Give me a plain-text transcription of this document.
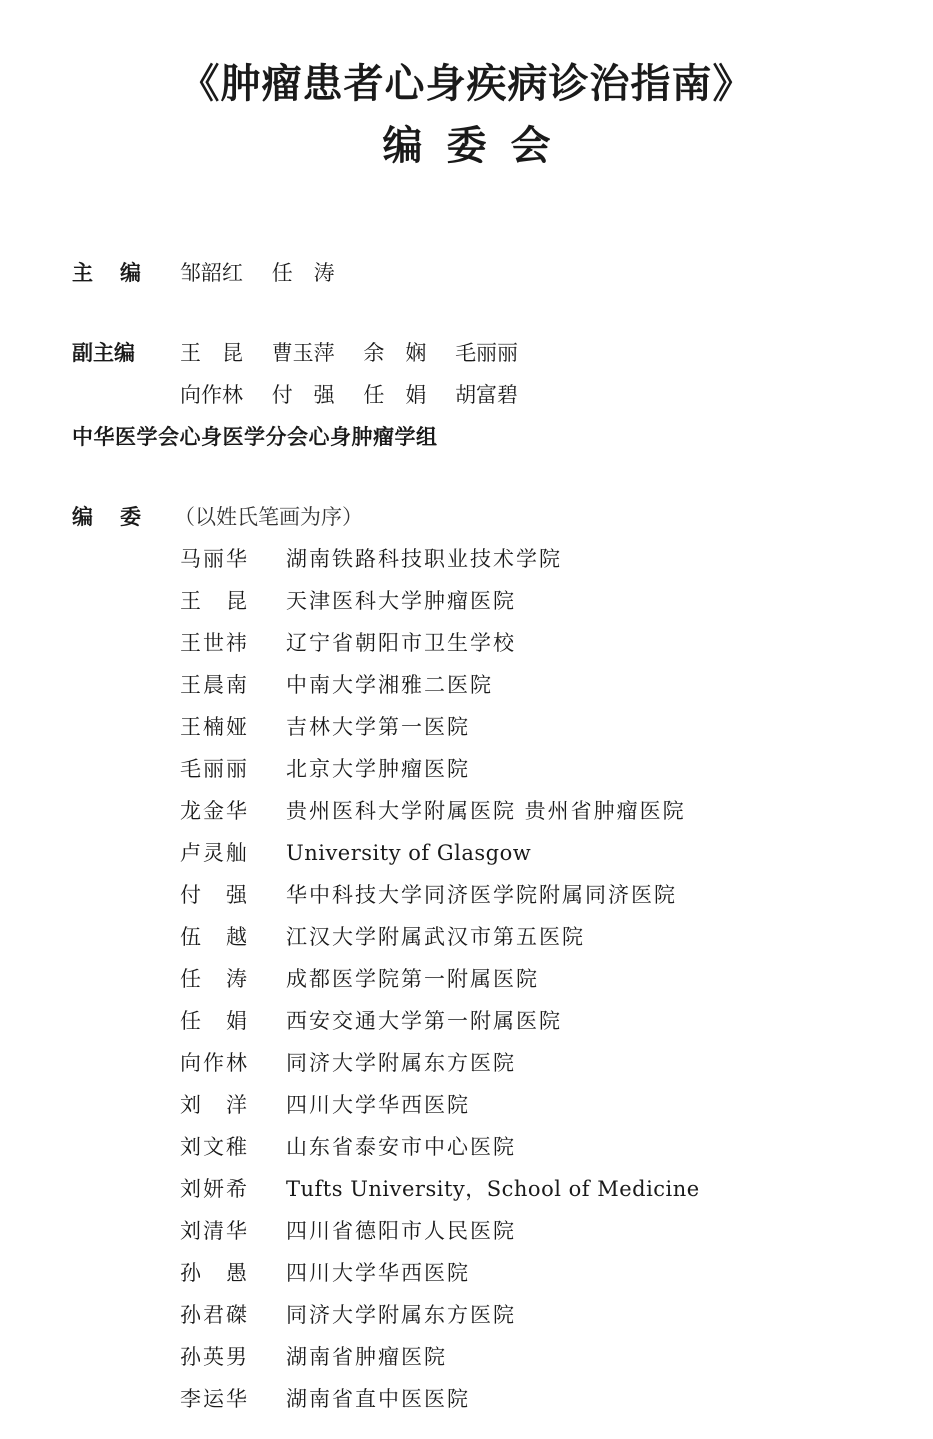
《肿瘤患者心身疾病诊治指南》
编委会
主编 邹韶红 任　涛
副主编 王　昆 曹玉萍 余　娴 毛丽丽
向作林 付　强 任　娟 胡富碧
中华医学会心身医学分会心身肿瘤学组
编委 （以姓氏笔画为序）
马丽华 湖南铁路科技职业技术学院
王　昆 天津医科大学肿瘤医院
王世祎 辽宁省朝阳市卫生学校
王晨南 中南大学湘雅二医院
王楠娅 吉林大学第一医院
毛丽丽 北京大学肿瘤医院
龙金华 贵州医科大学附属医院 贵州省肿瘤医院
卢灵舢 University of Glasgow
付　强 华中科技大学同济医学院附属同济医院
伍　越 江汉大学附属武汉市第五医院
任　涛 成都医学院第一附属医院
任　娟 西安交通大学第一附属医院
向作林 同济大学附属东方医院
刘　洋 四川大学华西医院
刘文稚 山东省泰安市中心医院
刘妍希 Tufts University，School of Medicine
刘清华 四川省德阳市人民医院
孙　愚 四川大学华西医院
孙君磔 同济大学附属东方医院
孙英男 湖南省肿瘤医院
李运华 湖南省直中医医院
